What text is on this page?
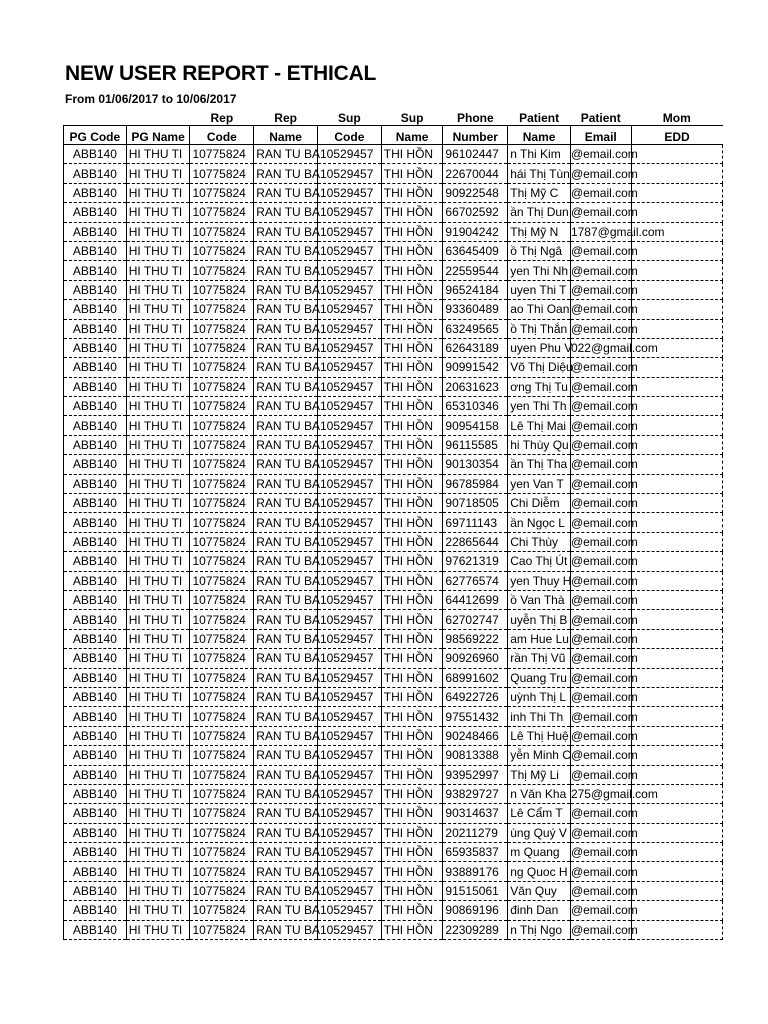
NEW USER REPORT - ETHICAL
From 01/06/2017 to 10/06/2017
		Rep	Rep	Sup	Sup	Phone	Patient	Patient	Mom
PG Code	PG Name	Code	Name	Code	Name	Number	Name	Email	EDD
ABB140	HI THU TI	10775824	RAN TU BA	10529457	THI HỒN	96102447	n Thi Kim	@email.com	
ABB140	HI THU TI	10775824	RAN TU BA	10529457	THI HỒN	22670044	hái Thị Tùn	@email.com	
ABB140	HI THU TI	10775824	RAN TU BA	10529457	THI HỒN	90922548	Thị Mỹ C	@email.com	
ABB140	HI THU TI	10775824	RAN TU BA	10529457	THI HỒN	66702592	ần Thị Dun	@email.com	
ABB140	HI THU TI	10775824	RAN TU BA	10529457	THI HỒN	91904242	Thị Mỹ N	1787@gmail.com	
ABB140	HI THU TI	10775824	RAN TU BA	10529457	THI HỒN	63645409	ồ Thị Ngâ	@email.com	
ABB140	HI THU TI	10775824	RAN TU BA	10529457	THI HỒN	22559544	yen Thi Nh	@email.com	
ABB140	HI THU TI	10775824	RAN TU BA	10529457	THI HỒN	96524184	uyen Thi T	@email.com	
ABB140	HI THU TI	10775824	RAN TU BA	10529457	THI HỒN	93360489	ao Thi Oan	@email.com	
ABB140	HI THU TI	10775824	RAN TU BA	10529457	THI HỒN	63249565	ồ Thị Thắn	@email.com	
ABB140	HI THU TI	10775824	RAN TU BA	10529457	THI HỒN	62643189	uyen Phu V	022@gmail.com	
ABB140	HI THU TI	10775824	RAN TU BA	10529457	THI HỒN	90991542	Võ Thị Diệu	@email.com	
ABB140	HI THU TI	10775824	RAN TU BA	10529457	THI HỒN	20631623	ơng Thị Tu	@email.com	
ABB140	HI THU TI	10775824	RAN TU BA	10529457	THI HỒN	65310346	yen Thi Th	@email.com	
ABB140	HI THU TI	10775824	RAN TU BA	10529457	THI HỒN	90954158	Lê Thị Mai	@email.com	
ABB140	HI THU TI	10775824	RAN TU BA	10529457	THI HỒN	96115585	hi Thùy Qu	@email.com	
ABB140	HI THU TI	10775824	RAN TU BA	10529457	THI HỒN	90130354	ần Thị Tha	@email.com	
ABB140	HI THU TI	10775824	RAN TU BA	10529457	THI HỒN	96785984	yen Van T	@email.com	
ABB140	HI THU TI	10775824	RAN TU BA	10529457	THI HỒN	90718505	Chi Diễm	@email.com	
ABB140	HI THU TI	10775824	RAN TU BA	10529457	THI HỒN	69711143	ần Ngọc L	@email.com	
ABB140	HI THU TI	10775824	RAN TU BA	10529457	THI HỒN	22865644	Chi Thùy	@email.com	
ABB140	HI THU TI	10775824	RAN TU BA	10529457	THI HỒN	97621319	Cao Thị Út	@email.com	
ABB140	HI THU TI	10775824	RAN TU BA	10529457	THI HỒN	62776574	yen Thuy H	@email.com	
ABB140	HI THU TI	10775824	RAN TU BA	10529457	THI HỒN	64412699	ồ Van Thà	@email.com	
ABB140	HI THU TI	10775824	RAN TU BA	10529457	THI HỒN	62702747	uyễn Thị B	@email.com	
ABB140	HI THU TI	10775824	RAN TU BA	10529457	THI HỒN	98569222	am Hue Lu	@email.com	
ABB140	HI THU TI	10775824	RAN TU BA	10529457	THI HỒN	90926960	rần Thị Vũ	@email.com	
ABB140	HI THU TI	10775824	RAN TU BA	10529457	THI HỒN	68991602	Quang Tru	@email.com	
ABB140	HI THU TI	10775824	RAN TU BA	10529457	THI HỒN	64922726	uỳnh Thị L	@email.com	
ABB140	HI THU TI	10775824	RAN TU BA	10529457	THI HỒN	97551432	inh Thi Th	@email.com	
ABB140	HI THU TI	10775824	RAN TU BA	10529457	THI HỒN	90248466	Lê Thị Huệ	@email.com	
ABB140	HI THU TI	10775824	RAN TU BA	10529457	THI HỒN	90813388	yễn Minh C	@email.com	
ABB140	HI THU TI	10775824	RAN TU BA	10529457	THI HỒN	93952997	Thị Mỹ Li	@email.com	
ABB140	HI THU TI	10775824	RAN TU BA	10529457	THI HỒN	93829727	n Văn Kha	275@gmail.com	
ABB140	HI THU TI	10775824	RAN TU BA	10529457	THI HỒN	90314637	Lê Cẩm T	@email.com	
ABB140	HI THU TI	10775824	RAN TU BA	10529457	THI HỒN	20211279	ùng Quý V	@email.com	
ABB140	HI THU TI	10775824	RAN TU BA	10529457	THI HỒN	65935837	m Quang	@email.com	
ABB140	HI THU TI	10775824	RAN TU BA	10529457	THI HỒN	93889176	ng Quoc H	@email.com	
ABB140	HI THU TI	10775824	RAN TU BA	10529457	THI HỒN	91515061	Văn Quy	@email.com	
ABB140	HI THU TI	10775824	RAN TU BA	10529457	THI HỒN	90869196	đinh Dan	@email.com	
ABB140	HI THU TI	10775824	RAN TU BA	10529457	THI HỒN	22309289	n Thị Ngo	@email.com	
